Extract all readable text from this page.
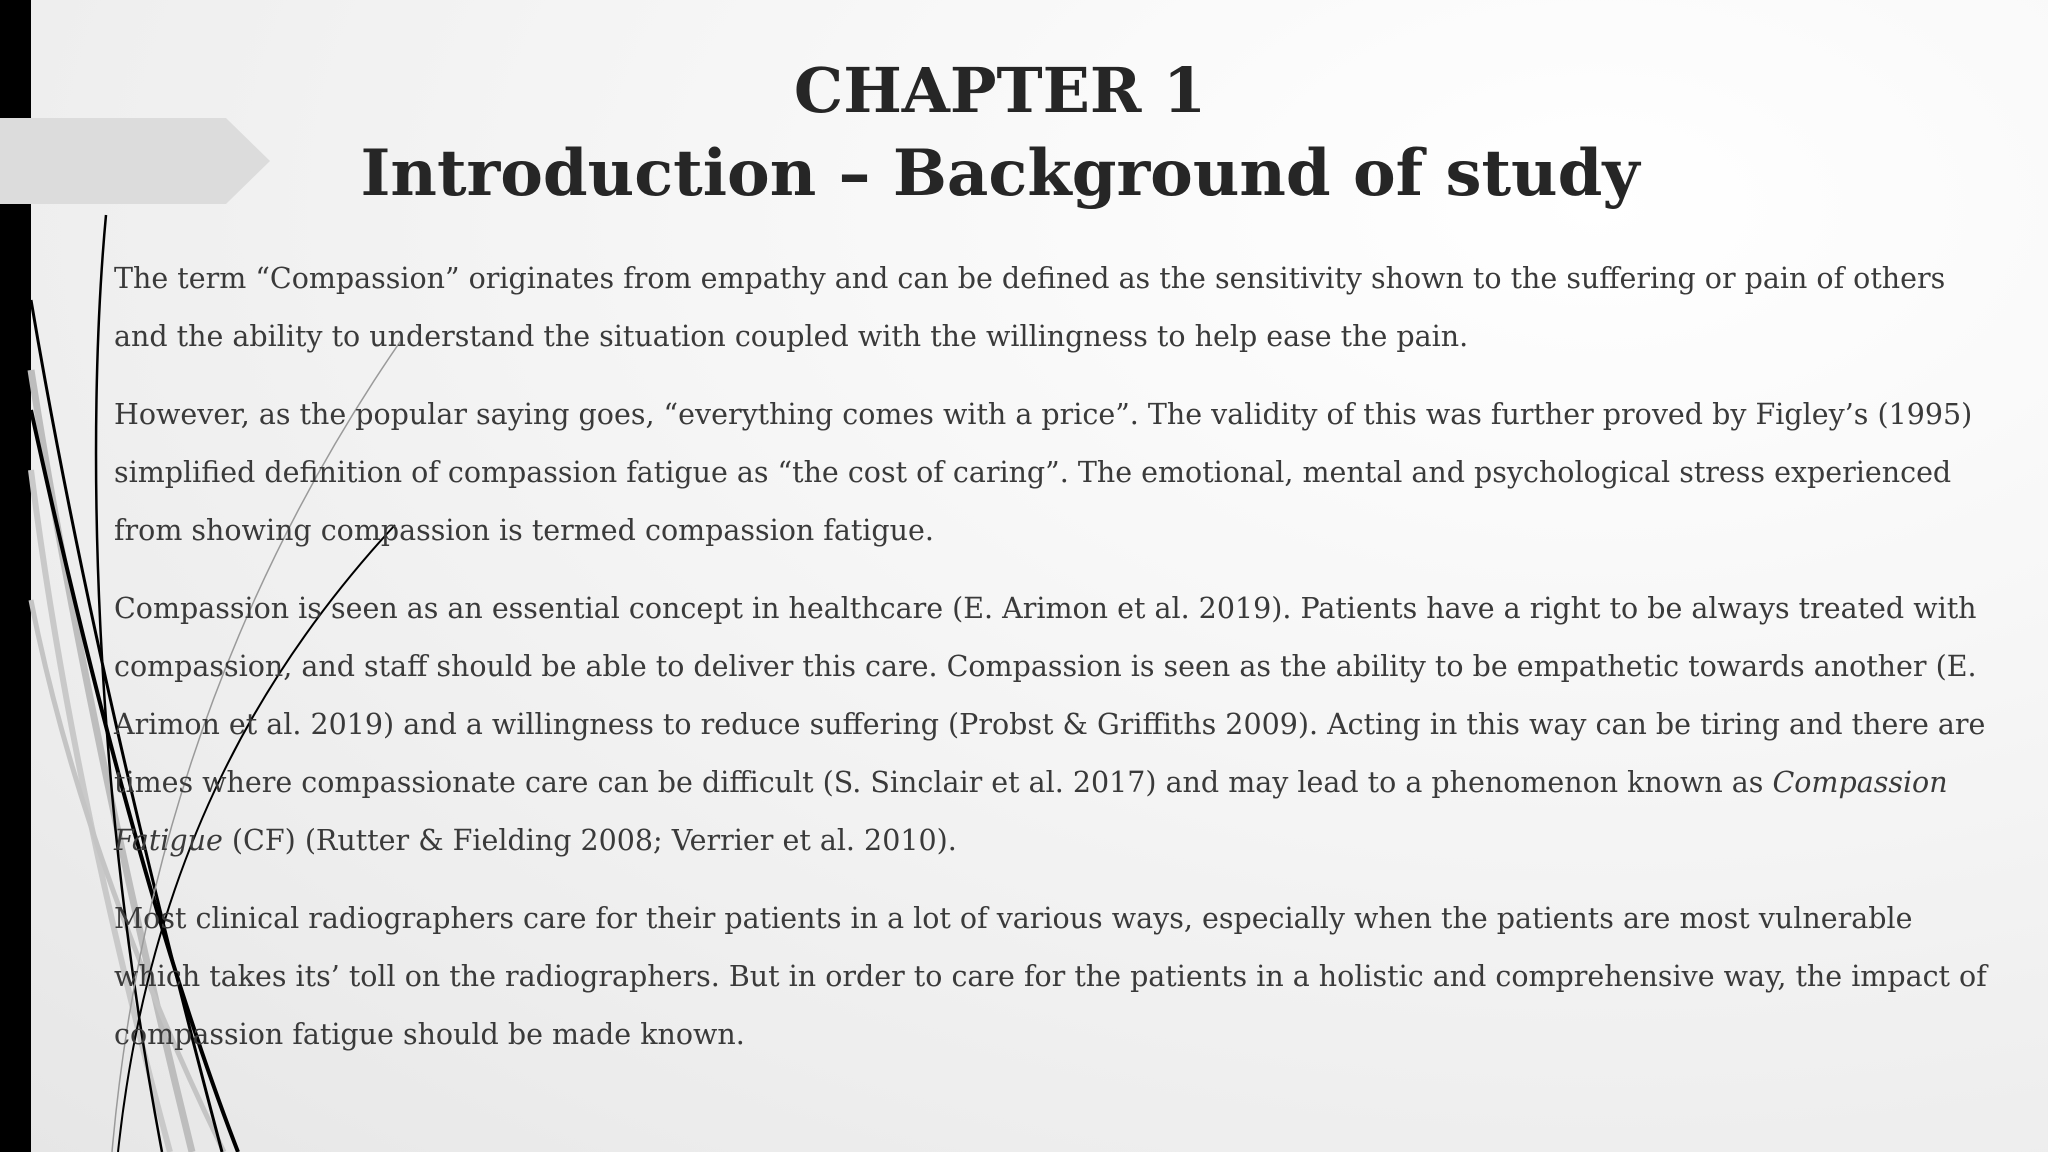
CHAPTER 1
Introduction – Background of study

The term “Compassion” originates from empathy and can be defined as the sensitivity shown to the suffering or pain of others and the ability to understand the situation coupled with the willingness to help ease the pain.

However, as the popular saying goes, “everything comes with a price”. The validity of this was further proved by Figley’s (1995) simplified definition of compassion fatigue as “the cost of caring”. The emotional, mental and psychological stress experienced from showing compassion is termed compassion fatigue.

Compassion is seen as an essential concept in healthcare (E. Arimon et al. 2019). Patients have a right to be always treated with compassion, and staff should be able to deliver this care. Compassion is seen as the ability to be empathetic towards another (E. Arimon et al. 2019) and a willingness to reduce suffering (Probst & Griffiths 2009). Acting in this way can be tiring and there are times where compassionate care can be difficult (S. Sinclair et al. 2017) and may lead to a phenomenon known as Compassion Fatigue (CF) (Rutter & Fielding 2008; Verrier et al. 2010).

Most clinical radiographers care for their patients in a lot of various ways, especially when the patients are most vulnerable which takes its’ toll on the radiographers. But in order to care for the patients in a holistic and comprehensive way, the impact of compassion fatigue should be made known.
